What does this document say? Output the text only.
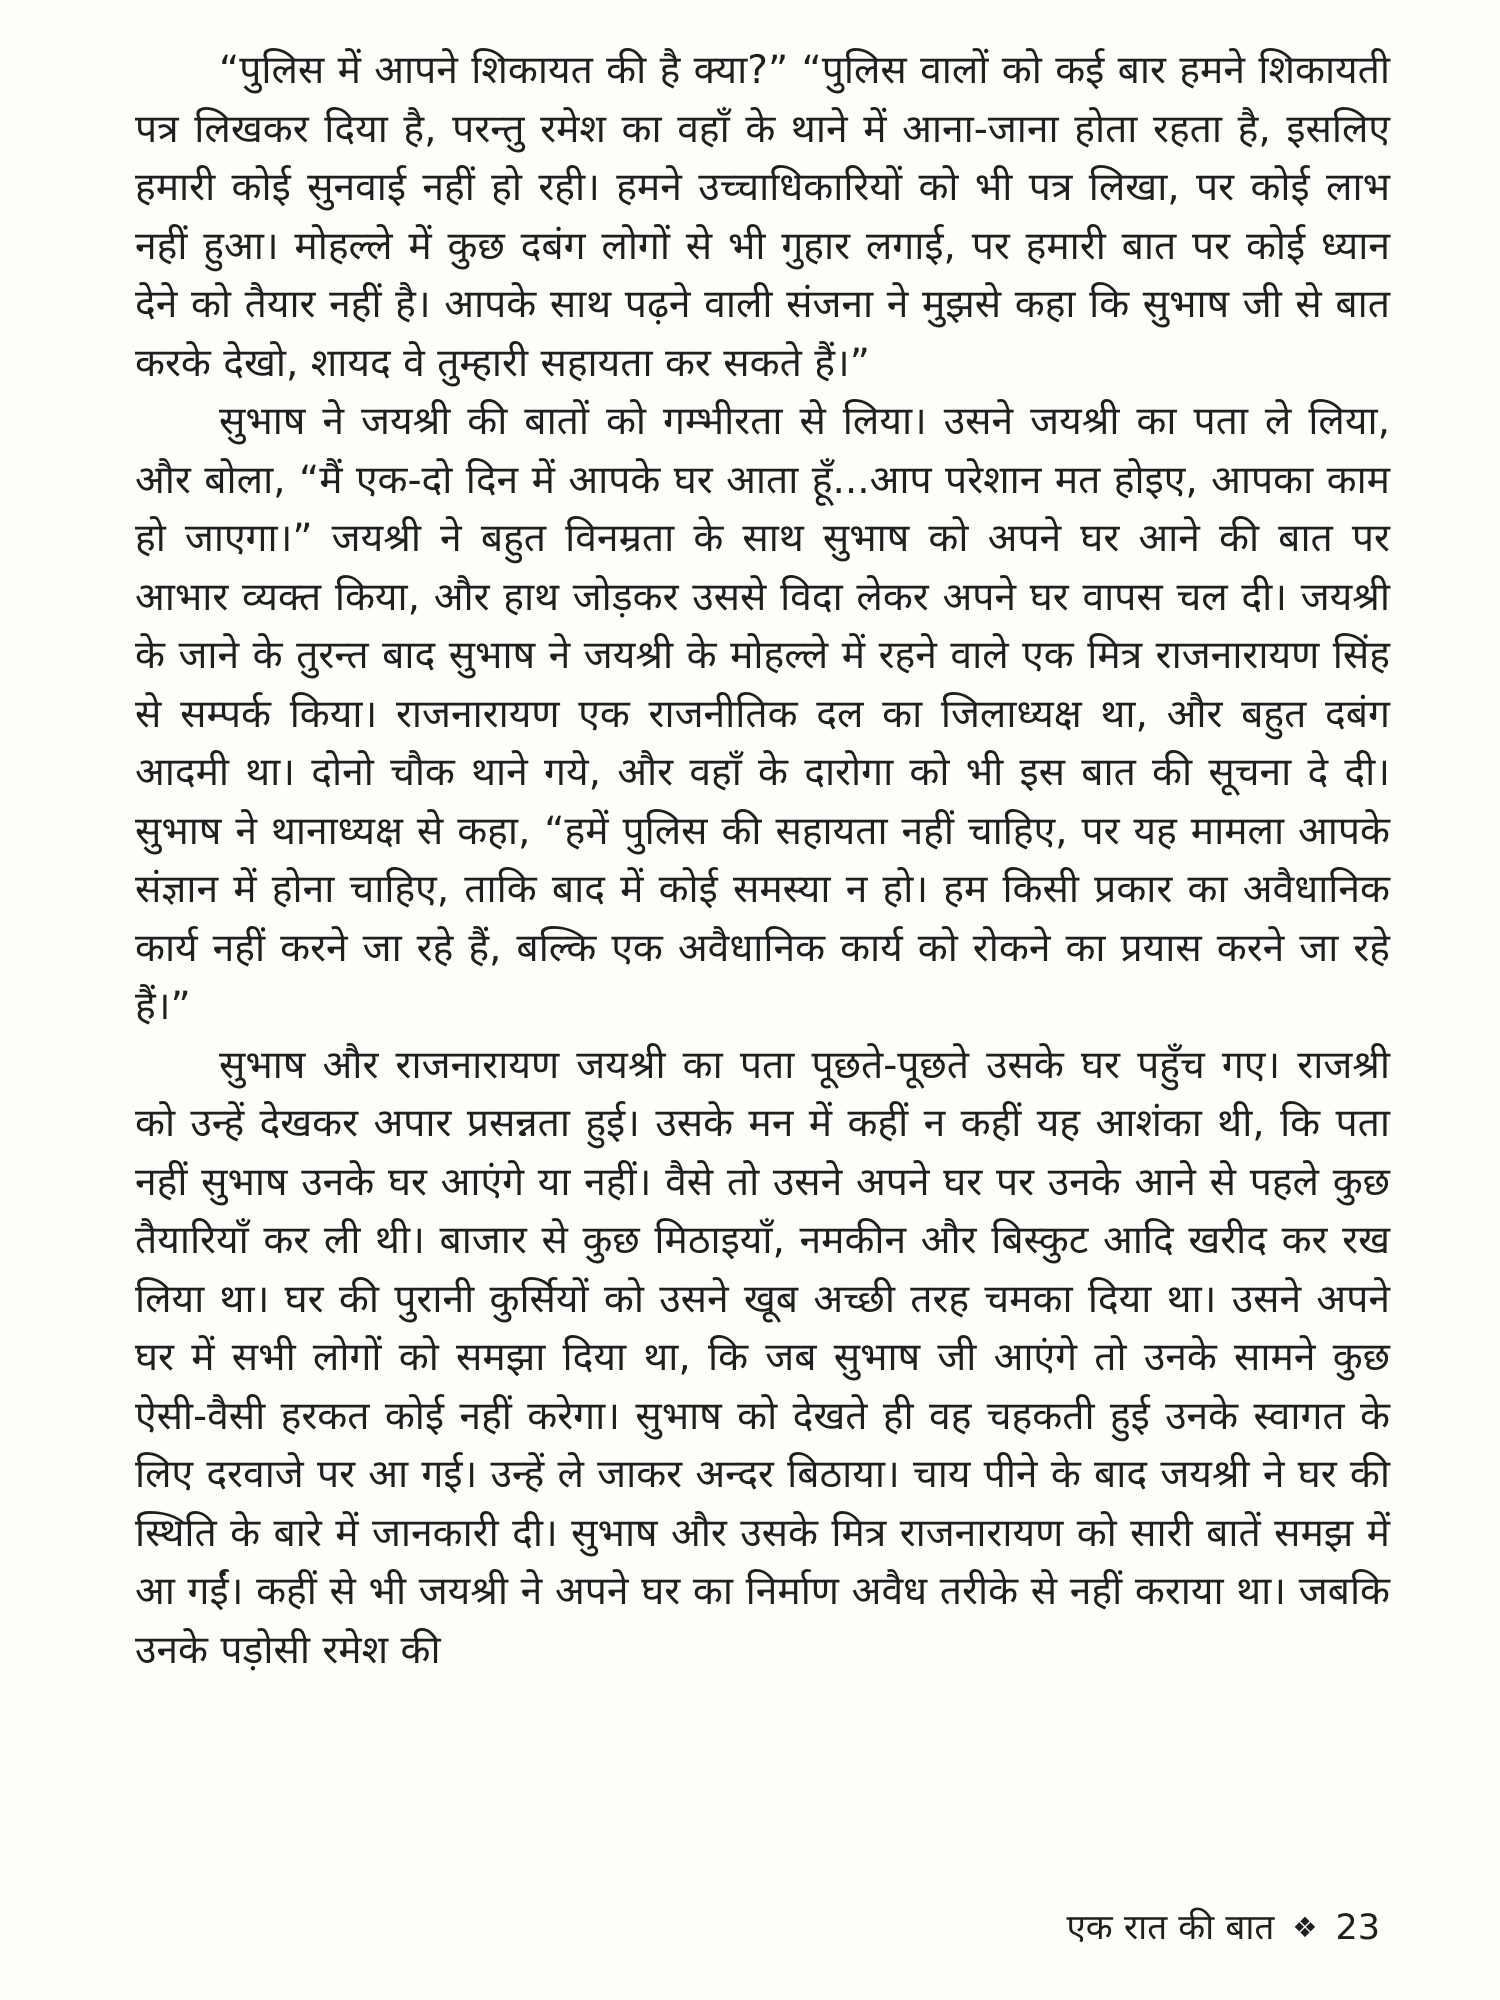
“पुलिस में आपने शिकायत की है क्या?” “पुलिस वालों को कई बार हमने शिकायती पत्र लिखकर दिया है, परन्तु रमेश का वहाँ के थाने में आना-जाना होता रहता है, इसलिए हमारी कोई सुनवाई नहीं हो रही। हमने उच्चाधिकारियों को भी पत्र लिखा, पर कोई लाभ नहीं हुआ। मोहल्ले में कुछ दबंग लोगों से भी गुहार लगाई, पर हमारी बात पर कोई ध्यान देने को तैयार नहीं है। आपके साथ पढ़ने वाली संजना ने मुझसे कहा कि सुभाष जी से बात करके देखो, शायद वे तुम्हारी सहायता कर सकते हैं।”

सुभाष ने जयश्री की बातों को गम्भीरता से लिया। उसने जयश्री का पता ले लिया, और बोला, “मैं एक-दो दिन में आपके घर आता हूँ...आप परेशान मत होइए, आपका काम हो जाएगा।” जयश्री ने बहुत विनम्रता के साथ सुभाष को अपने घर आने की बात पर आभार व्यक्त किया, और हाथ जोड़कर उससे विदा लेकर अपने घर वापस चल दी। जयश्री के जाने के तुरन्त बाद सुभाष ने जयश्री के मोहल्ले में रहने वाले एक मित्र राजनारायण सिंह से सम्पर्क किया। राजनारायण एक राजनीतिक दल का जिलाध्यक्ष था, और बहुत दबंग आदमी था। दोनो चौक थाने गये, और वहाँ के दारोगा को भी इस बात की सूचना दे दी। सुभाष ने थानाध्यक्ष से कहा, “हमें पुलिस की सहायता नहीं चाहिए, पर यह मामला आपके संज्ञान में होना चाहिए, ताकि बाद में कोई समस्या न हो। हम किसी प्रकार का अवैधानिक कार्य नहीं करने जा रहे हैं, बल्कि एक अवैधानिक कार्य को रोकने का प्रयास करने जा रहे हैं।”

सुभाष और राजनारायण जयश्री का पता पूछते-पूछते उसके घर पहुँच गए। राजश्री को उन्हें देखकर अपार प्रसन्नता हुई। उसके मन में कहीं न कहीं यह आशंका थी, कि पता नहीं सुभाष उनके घर आएंगे या नहीं। वैसे तो उसने अपने घर पर उनके आने से पहले कुछ तैयारियाँ कर ली थी। बाजार से कुछ मिठाइयाँ, नमकीन और बिस्कुट आदि खरीद कर रख लिया था। घर की पुरानी कुर्सियों को उसने खूब अच्छी तरह चमका दिया था। उसने अपने घर में सभी लोगों को समझा दिया था, कि जब सुभाष जी आएंगे तो उनके सामने कुछ ऐसी-वैसी हरकत कोई नहीं करेगा। सुभाष को देखते ही वह चहकती हुई उनके स्वागत के लिए दरवाजे पर आ गई। उन्हें ले जाकर अन्दर बिठाया। चाय पीने के बाद जयश्री ने घर की स्थिति के बारे में जानकारी दी। सुभाष और उसके मित्र राजनारायण को सारी बातें समझ में आ गईं। कहीं से भी जयश्री ने अपने घर का निर्माण अवैध तरीके से नहीं कराया था। जबकि उनके पड़ोसी रमेश की

एक रात की बात ❖ 23
